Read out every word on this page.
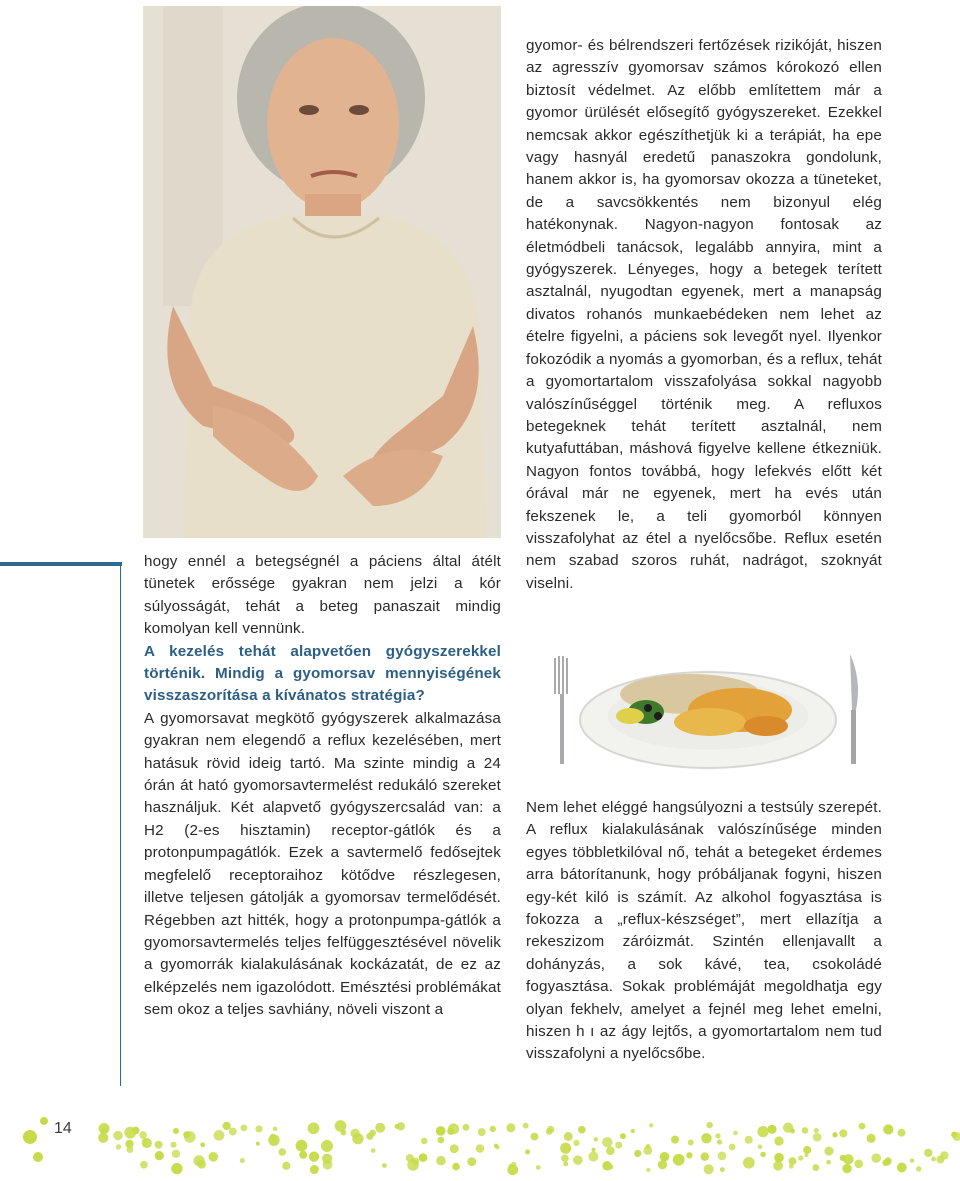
hogy ennél a betegségnél a páciens által átélt tünetek erőssége gyakran nem jelzi a kór súlyosságát, tehát a beteg panaszait mindig komolyan kell vennünk.

A kezelés tehát alapvetően gyógyszerekkel történik. Mindig a gyomorsav mennyiségének visszaszorítása a kívánatos stratégia?

A gyomorsavat megkötő gyógyszerek alkalmazása gyakran nem elegendő a reflux kezelésében, mert hatásuk rövid ideig tartó. Ma szinte mindig a 24 órán át ható gyomorsavtermelést redukáló szereket használjuk. Két alapvető gyógyszercsalád van: a H2 (2-es hisztamin) receptor-gátlók és a protonpumpagátlók. Ezek a savtermelő fedősejtek megfelelő receptoraihoz kötődve részlegesen, illetve teljesen gátolják a gyomorsav termelődését. Régebben azt hitték, hogy a protonpumpa-gátlók a gyomorsavtermelés teljes felfüggesztésével növelik a gyomorrák kialakulásának kockázatát, de ez az elképzelés nem igazolódott. Emésztési problémákat sem okoz a teljes savhiány, növeli viszont a

gyomor- és bélrendszeri fertőzések rizikóját, hiszen az agresszív gyomorsav számos kórokozó ellen biztosít védelmet. Az előbb említettem már a gyomor ürülését elősegítő gyógyszereket. Ezekkel nemcsak akkor egészíthetjük ki a terápiát, ha epe vagy hasnyál eredetű panaszokra gondolunk, hanem akkor is, ha gyomorsav okozza a tüneteket, de a savcsökkentés nem bizonyul elég hatékonynak. Nagyon-nagyon fontosak az életmódbeli tanácsok, legalább annyira, mint a gyógyszerek. Lényeges, hogy a betegek terített asztalnál, nyugodtan egyenek, mert a manapság divatos rohanós munkaebédeken nem lehet az ételre figyelni, a páciens sok levegőt nyel. Ilyenkor fokozódik a nyomás a gyomorban, és a reflux, tehát a gyomortartalom visszafolyása sokkal nagyobb valószínűséggel történik meg. A refluxos betegeknek tehát terített asztalnál, nem kutyafuttában, máshová figyelve kellene étkezniük. Nagyon fontos továbbá, hogy lefekvés előtt két órával már ne egyenek, mert ha evés után fekszenek le, a teli gyomorból könnyen visszafolyhat az étel a nyelőcsőbe. Reflux esetén nem szabad szoros ruhát, nadrágot, szoknyát viselni.

Nem lehet eléggé hangsúlyozni a testsúly szerepét. A reflux kialakulásának valószínűsége minden egyes többletkilóval nő, tehát a betegeket érdemes arra bátorítanunk, hogy próbáljanak fogyni, hiszen egy-két kiló is számít. Az alkohol fogyasztása is fokozza a „reflux-készséget”, mert ellazítja a rekeszizom záróizmát. Szintén ellenjavallt a dohányzás, a sok kávé, tea, csokoládé fogyasztása. Sokak problémáját megoldhatja egy olyan fekhelv, amelyet a fejnél meg lehet emelni, hiszen h ı az ágy lejtős, a gyomortartalom nem tud visszafolyni a nyelőcsőbe.

14
